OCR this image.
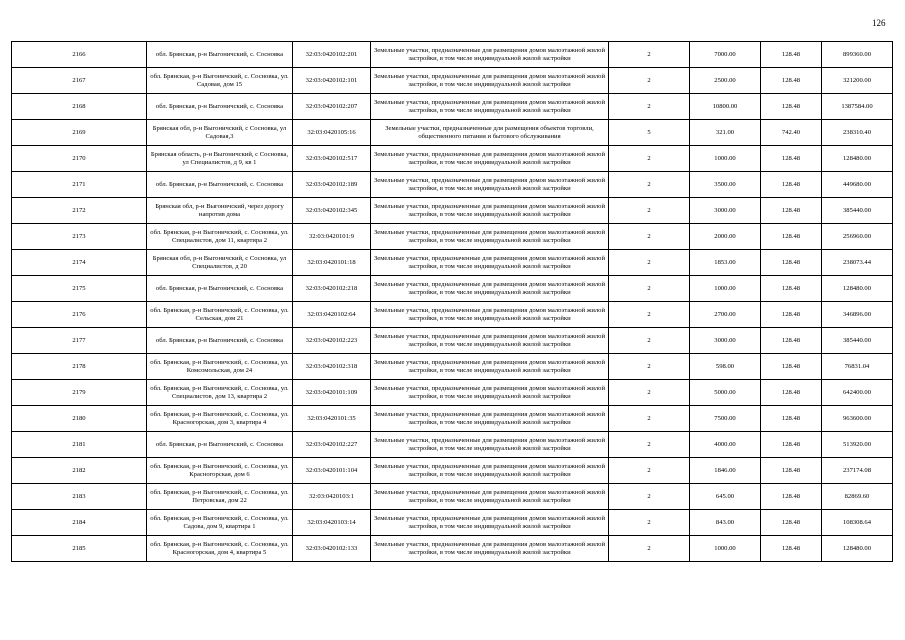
126
2166	обл. Брянская, р-н Выгоничский, с. Сосновка	32:03:0420102:201	Земельные участки, предназначенные для размещения домов малоэтажной жилой застройки, в том числе индивидуальной жилой застройки	2	7000.00	128.48	899360.00
2167	обл. Брянская, р-н Выгоничский, с. Сосновка, ул. Садовая, дом 15	32:03:0420102:101	Земельные участки, предназначенные для размещения домов малоэтажной жилой застройки, в том числе индивидуальной жилой застройки	2	2500.00	128.48	321200.00
2168	обл. Брянская, р-н Выгоничский, с. Сосновка	32:03:0420102:207	Земельные участки, предназначенные для размещения домов малоэтажной жилой застройки, в том числе индивидуальной жилой застройки	2	10800.00	128.48	1387584.00
2169	Брянская обл, р-н Выгоничский, с Сосновка, ул Садовая,3	32:03:0420105:16	Земельные участки, предназначенные для размещения объектов торговли, общественного питания и бытового обслуживания	5	321.00	742.40	238310.40
2170	Брянская область, р-н Выгоничский, с Сосновка, ул Специалистов, д 9, кв 1	32:03:0420102:517	Земельные участки, предназначенные для размещения домов малоэтажной жилой застройки, в том числе индивидуальной жилой застройки	2	1000.00	128.48	128480.00
2171	обл. Брянская, р-н Выгоничский, с. Сосновка	32:03:0420102:189	Земельные участки, предназначенные для размещения домов малоэтажной жилой застройки, в том числе индивидуальной жилой застройки	2	3500.00	128.48	449680.00
2172	Брянская обл, р-н Выгоничский, через дорогу напротив дома	32:03:0420102:345	Земельные участки, предназначенные для размещения домов малоэтажной жилой застройки, в том числе индивидуальной жилой застройки	2	3000.00	128.48	385440.00
2173	обл. Брянская, р-н Выгоничский, с. Сосновка, ул. Специалистов, дом 11, квартира 2	32:03:0420101:9	Земельные участки, предназначенные для размещения домов малоэтажной жилой застройки, в том числе индивидуальной жилой застройки	2	2000.00	128.48	256960.00
2174	Брянская обл, р-н Выгоничский, с Сосновка, ул Специалистов, д 20	32:03:0420101:18	Земельные участки, предназначенные для размещения домов малоэтажной жилой застройки, в том числе индивидуальной жилой застройки	2	1853.00	128.48	238073.44
2175	обл. Брянская, р-н Выгоничский, с. Сосновка	32:03:0420102:218	Земельные участки, предназначенные для размещения домов малоэтажной жилой застройки, в том числе индивидуальной жилой застройки	2	1000.00	128.48	128480.00
2176	обл. Брянская, р-н Выгоничский, с. Сосновка, ул. Сельская, дом 21	32:03:0420102:64	Земельные участки, предназначенные для размещения домов малоэтажной жилой застройки, в том числе индивидуальной жилой застройки	2	2700.00	128.48	346896.00
2177	обл. Брянская, р-н Выгоничский, с. Сосновка	32:03:0420102:223	Земельные участки, предназначенные для размещения домов малоэтажной жилой застройки, в том числе индивидуальной жилой застройки	2	3000.00	128.48	385440.00
2178	обл. Брянская, р-н Выгоничский, с. Сосновка, ул. Комсомольская, дом 24	32:03:0420102:318	Земельные участки, предназначенные для размещения домов малоэтажной жилой застройки, в том числе индивидуальной жилой застройки	2	598.00	128.48	76831.04
2179	обл. Брянская, р-н Выгоничский, с. Сосновка, ул. Специалистов, дом 13, квартира 2	32:03:0420101:109	Земельные участки, предназначенные для размещения домов малоэтажной жилой застройки, в том числе индивидуальной жилой застройки	2	5000.00	128.48	642400.00
2180	обл. Брянская, р-н Выгоничский, с. Сосновка, ул. Красногорская, дом 3, квартира 4	32:03:0420101:35	Земельные участки, предназначенные для размещения домов малоэтажной жилой застройки, в том числе индивидуальной жилой застройки	2	7500.00	128.48	963600.00
2181	обл. Брянская, р-н Выгоничский, с. Сосновка	32:03:0420102:227	Земельные участки, предназначенные для размещения домов малоэтажной жилой застройки, в том числе индивидуальной жилой застройки	2	4000.00	128.48	513920.00
2182	обл. Брянская, р-н Выгоничский, с. Сосновка, ул. Красногорская, дом 6	32:03:0420101:104	Земельные участки, предназначенные для размещения домов малоэтажной жилой застройки, в том числе индивидуальной жилой застройки	2	1846.00	128.48	237174.08
2183	обл. Брянская, р-н Выгоничский, с. Сосновка, ул. Петровская, дом 22	32:03:0420103:1	Земельные участки, предназначенные для размещения домов малоэтажной жилой застройки, в том числе индивидуальной жилой застройки	2	645.00	128.48	82869.60
2184	обл. Брянская, р-н Выгоничский, с. Сосновка, ул. Садова, дом 9, квартира 1	32:03:0420103:14	Земельные участки, предназначенные для размещения домов малоэтажной жилой застройки, в том числе индивидуальной жилой застройки	2	843.00	128.48	108308.64
2185	обл. Брянская, р-н Выгоничский, с. Сосновка, ул. Красногорская, дом 4, квартира 5	32:03:0420102:133	Земельные участки, предназначенные для размещения домов малоэтажной жилой застройки, в том числе индивидуальной жилой застройки	2	1000.00	128.48	128480.00
